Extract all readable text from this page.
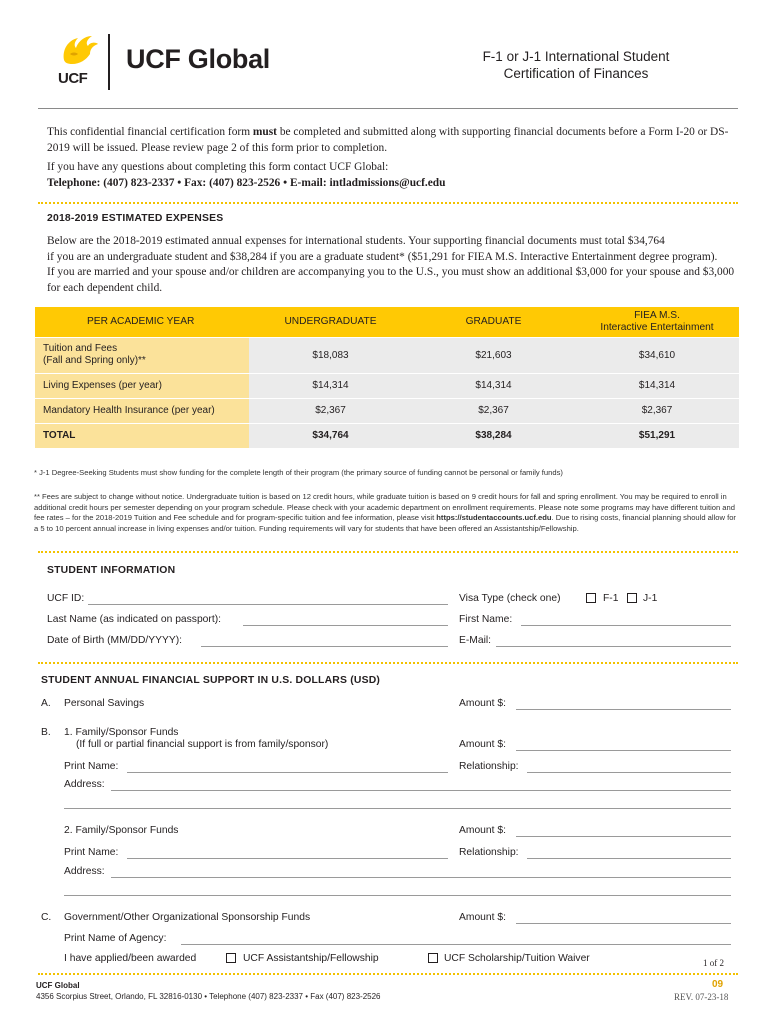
UCF
UCF Global	F-1 or J-1 International Student
Certification of Finances
This confidential financial certification form must be completed and submitted along with supporting financial documents before a Form I-20 or DS-2019 will be issued. Please review page 2 of this form prior to completion.
If you have any questions about completing this form contact UCF Global:
Telephone: (407) 823-2337 • Fax: (407) 823-2526 • E-mail: intladmissions@ucf.edu
2018-2019 ESTIMATED EXPENSES
Below are the 2018-2019 estimated annual expenses for international students. Your supporting financial documents must total $34,764
if you are an undergraduate student and $38,284 if you are a graduate student* ($51,291 for FIEA M.S. Interactive Entertainment degree program).
If you are married and your spouse and/or children are accompanying you to the U.S., you must show an additional $3,000 for your spouse and $3,000
for each dependent child.
PER ACADEMIC YEAR	UNDERGRADUATE	GRADUATE	FIEA M.S.
Interactive Entertainment

Tuition and Fees
(Fall and Spring only)**	$18,083	$21,603	$34,610
Living Expenses (per year)	$14,314	$14,314	$14,314
Mandatory Health Insurance (per year)	$2,367	$2,367	$2,367
TOTAL	$34,764	$38,284	$51,291
* J-1 Degree-Seeking Students must show funding for the complete length of their program (the primary source of funding cannot be personal or family funds)
** Fees are subject to change without notice. Undergraduate tuition is based on 12 credit hours, while graduate tuition is based on 9 credit hours for fall and spring enrollment. You may be required to enroll in additional credit hours per semester depending on your program schedule. Please check with your academic department on enrollment requirements. Please note some programs may have different tuition and fee rates – for the 2018-2019 Tuition and Fee schedule and for program-specific tuition and fee information, please visit https://studentaccounts.ucf.edu. Due to rising costs, financial planning should allow for a 5 to 10 percent annual increase in living expenses and/or tuition. Funding requirements will vary for students that have been offered an Assistantship/Fellowship.
STUDENT INFORMATION
UCF ID:	Visa Type (check one)	F-1 J-1
Last Name (as indicated on passport):	First Name:
Date of Birth (MM/DD/YYYY):	E-Mail:
STUDENT ANNUAL FINANCIAL SUPPORT IN U.S. DOLLARS (USD)
A. Personal Savings	Amount $:
B. 1. Family/Sponsor Funds
(If full or partial financial support is from family/sponsor)	Amount $:
Print Name:	Relationship:
Address:
2. Family/Sponsor Funds	Amount $:
Print Name:	Relationship:
Address:
C. Government/Other Organizational Sponsorship Funds	Amount $:
Print Name of Agency:
I have applied/been awarded	UCF Assistantship/Fellowship	UCF Scholarship/Tuition Waiver	1 of 2
UCF Global
4356 Scorpius Street, Orlando, FL 32816-0130 • Telephone (407) 823-2337 • Fax (407) 823-2526
09
REV. 07-23-18
